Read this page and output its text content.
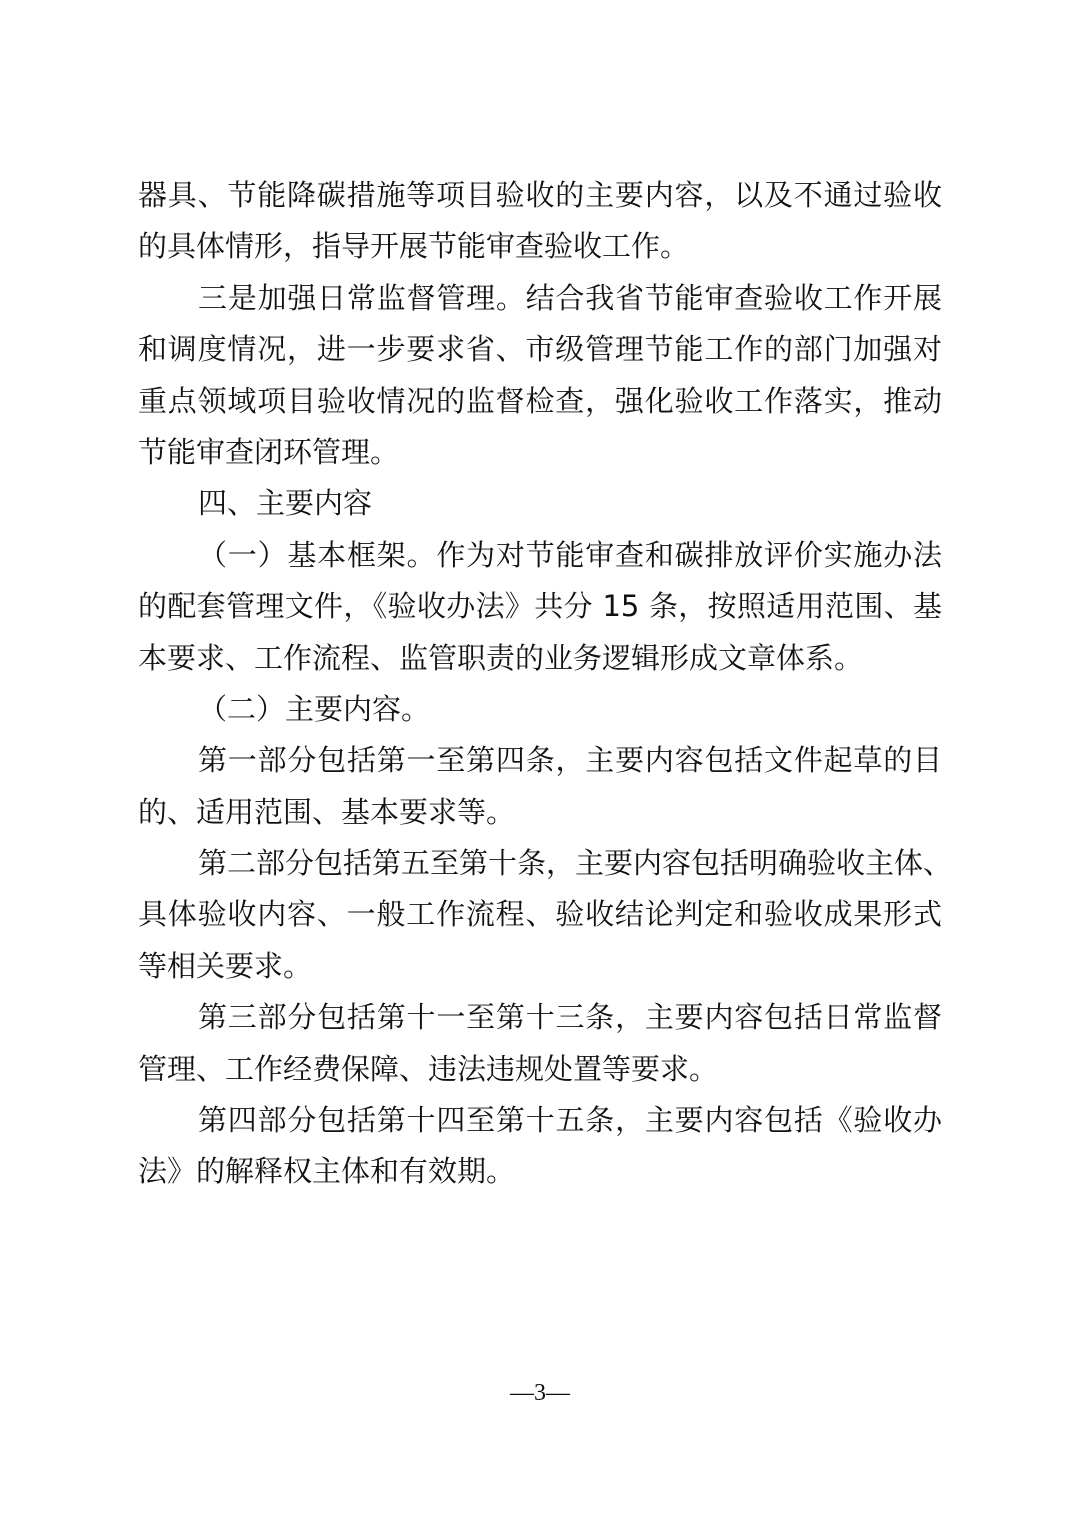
器具、节能降碳措施等项目验收的主要内容，以及不通过验收
的具体情形，指导开展节能审查验收工作。
三是加强日常监督管理。结合我省节能审查验收工作开展
和调度情况，进一步要求省、市级管理节能工作的部门加强对
重点领域项目验收情况的监督检查，强化验收工作落实，推动
节能审查闭环管理。
四、主要内容
（一）基本框架。作为对节能审查和碳排放评价实施办法
的配套管理文件，《验收办法》共分 15 条，按照适用范围、基
本要求、工作流程、监管职责的业务逻辑形成文章体系。
（二）主要内容。
第一部分包括第一至第四条，主要内容包括文件起草的目
的、适用范围、基本要求等。
第二部分包括第五至第十条，主要内容包括明确验收主体、
具体验收内容、一般工作流程、验收结论判定和验收成果形式
等相关要求。
第三部分包括第十一至第十三条，主要内容包括日常监督
管理、工作经费保障、违法违规处置等要求。
第四部分包括第十四至第十五条，主要内容包括《验收办
法》的解释权主体和有效期。
—3—
